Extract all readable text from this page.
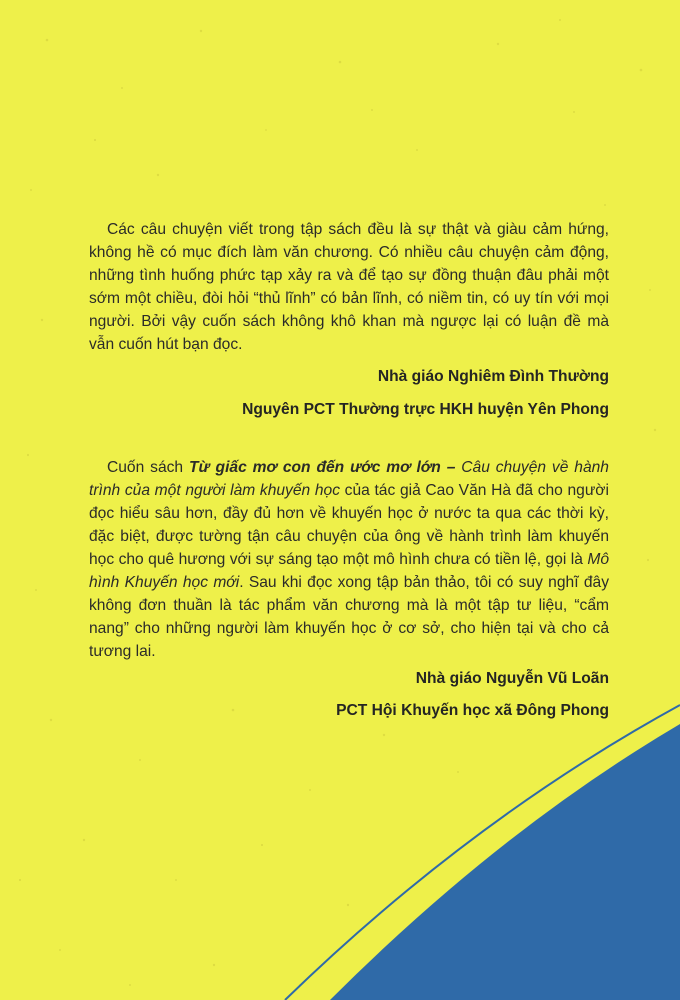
Các câu chuyện viết trong tập sách đều là sự thật và giàu cảm hứng, không hề có mục đích làm văn chương. Có nhiều câu chuyện cảm động, những tình huống phức tạp xảy ra và để tạo sự đồng thuận đâu phải một sớm một chiều, đòi hỏi “thủ lĩnh” có bản lĩnh, có niềm tin, có uy tín với mọi người. Bởi vậy cuốn sách không khô khan mà ngược lại có luận đề mà vẫn cuốn hút bạn đọc.

Nhà giáo Nghiêm Đình Thường
Nguyên PCT Thường trực HKH huyện Yên Phong

Cuốn sách Từ giấc mơ con đến ước mơ lớn – Câu chuyện về hành trình của một người làm khuyến học của tác giả Cao Văn Hà đã cho người đọc hiểu sâu hơn, đầy đủ hơn về khuyến học ở nước ta qua các thời kỳ, đặc biệt, được tường tận câu chuyện của ông về hành trình làm khuyến học cho quê hương với sự sáng tạo một mô hình chưa có tiền lệ, gọi là Mô hình Khuyến học mới. Sau khi đọc xong tập bản thảo, tôi có suy nghĩ đây không đơn thuần là tác phẩm văn chương mà là một tập tư liệu, “cẩm nang” cho những người làm khuyến học ở cơ sở, cho hiện tại và cho cả tương lai.

Nhà giáo Nguyễn Vũ Loãn
PCT Hội Khuyến học xã Đông Phong
